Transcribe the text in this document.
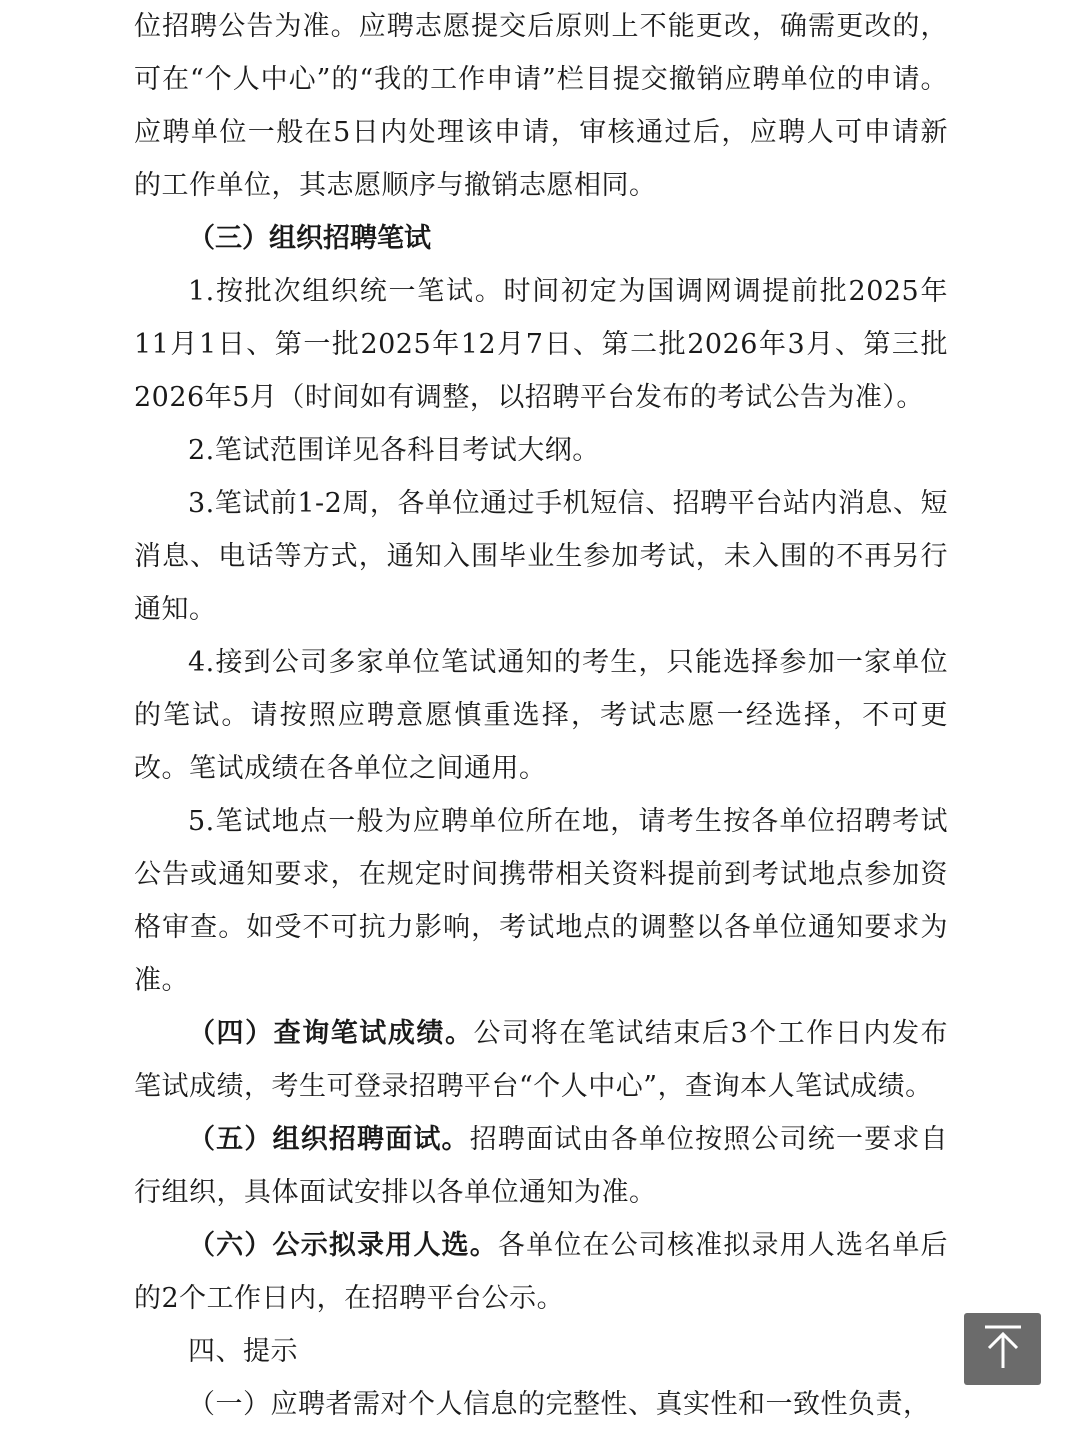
位招聘公告为准。应聘志愿提交后原则上不能更改，确需更改的，可在“个人中心”的“我的工作申请”栏目提交撤销应聘单位的申请。应聘单位一般在5日内处理该申请，审核通过后，应聘人可申请新的工作单位，其志愿顺序与撤销志愿相同。

（三）组织招聘笔试

1.按批次组织统一笔试。时间初定为国调网调提前批2025年11月1日、第一批2025年12月7日、第二批2026年3月、第三批2026年5月（时间如有调整，以招聘平台发布的考试公告为准）。

2.笔试范围详见各科目考试大纲。

3.笔试前1-2周，各单位通过手机短信、招聘平台站内消息、短消息、电话等方式，通知入围毕业生参加考试，未入围的不再另行通知。

4.接到公司多家单位笔试通知的考生，只能选择参加一家单位的笔试。请按照应聘意愿慎重选择，考试志愿一经选择，不可更改。笔试成绩在各单位之间通用。

5.笔试地点一般为应聘单位所在地，请考生按各单位招聘考试公告或通知要求，在规定时间携带相关资料提前到考试地点参加资格审查。如受不可抗力影响，考试地点的调整以各单位通知要求为准。

（四）查询笔试成绩。公司将在笔试结束后3个工作日内发布笔试成绩，考生可登录招聘平台“个人中心”，查询本人笔试成绩。

（五）组织招聘面试。招聘面试由各单位按照公司统一要求自行组织，具体面试安排以各单位通知为准。

（六）公示拟录用人选。各单位在公司核准拟录用人选名单后的2个工作日内，在招聘平台公示。

四、提示

（一）应聘者需对个人信息的完整性、真实性和一致性负责，
